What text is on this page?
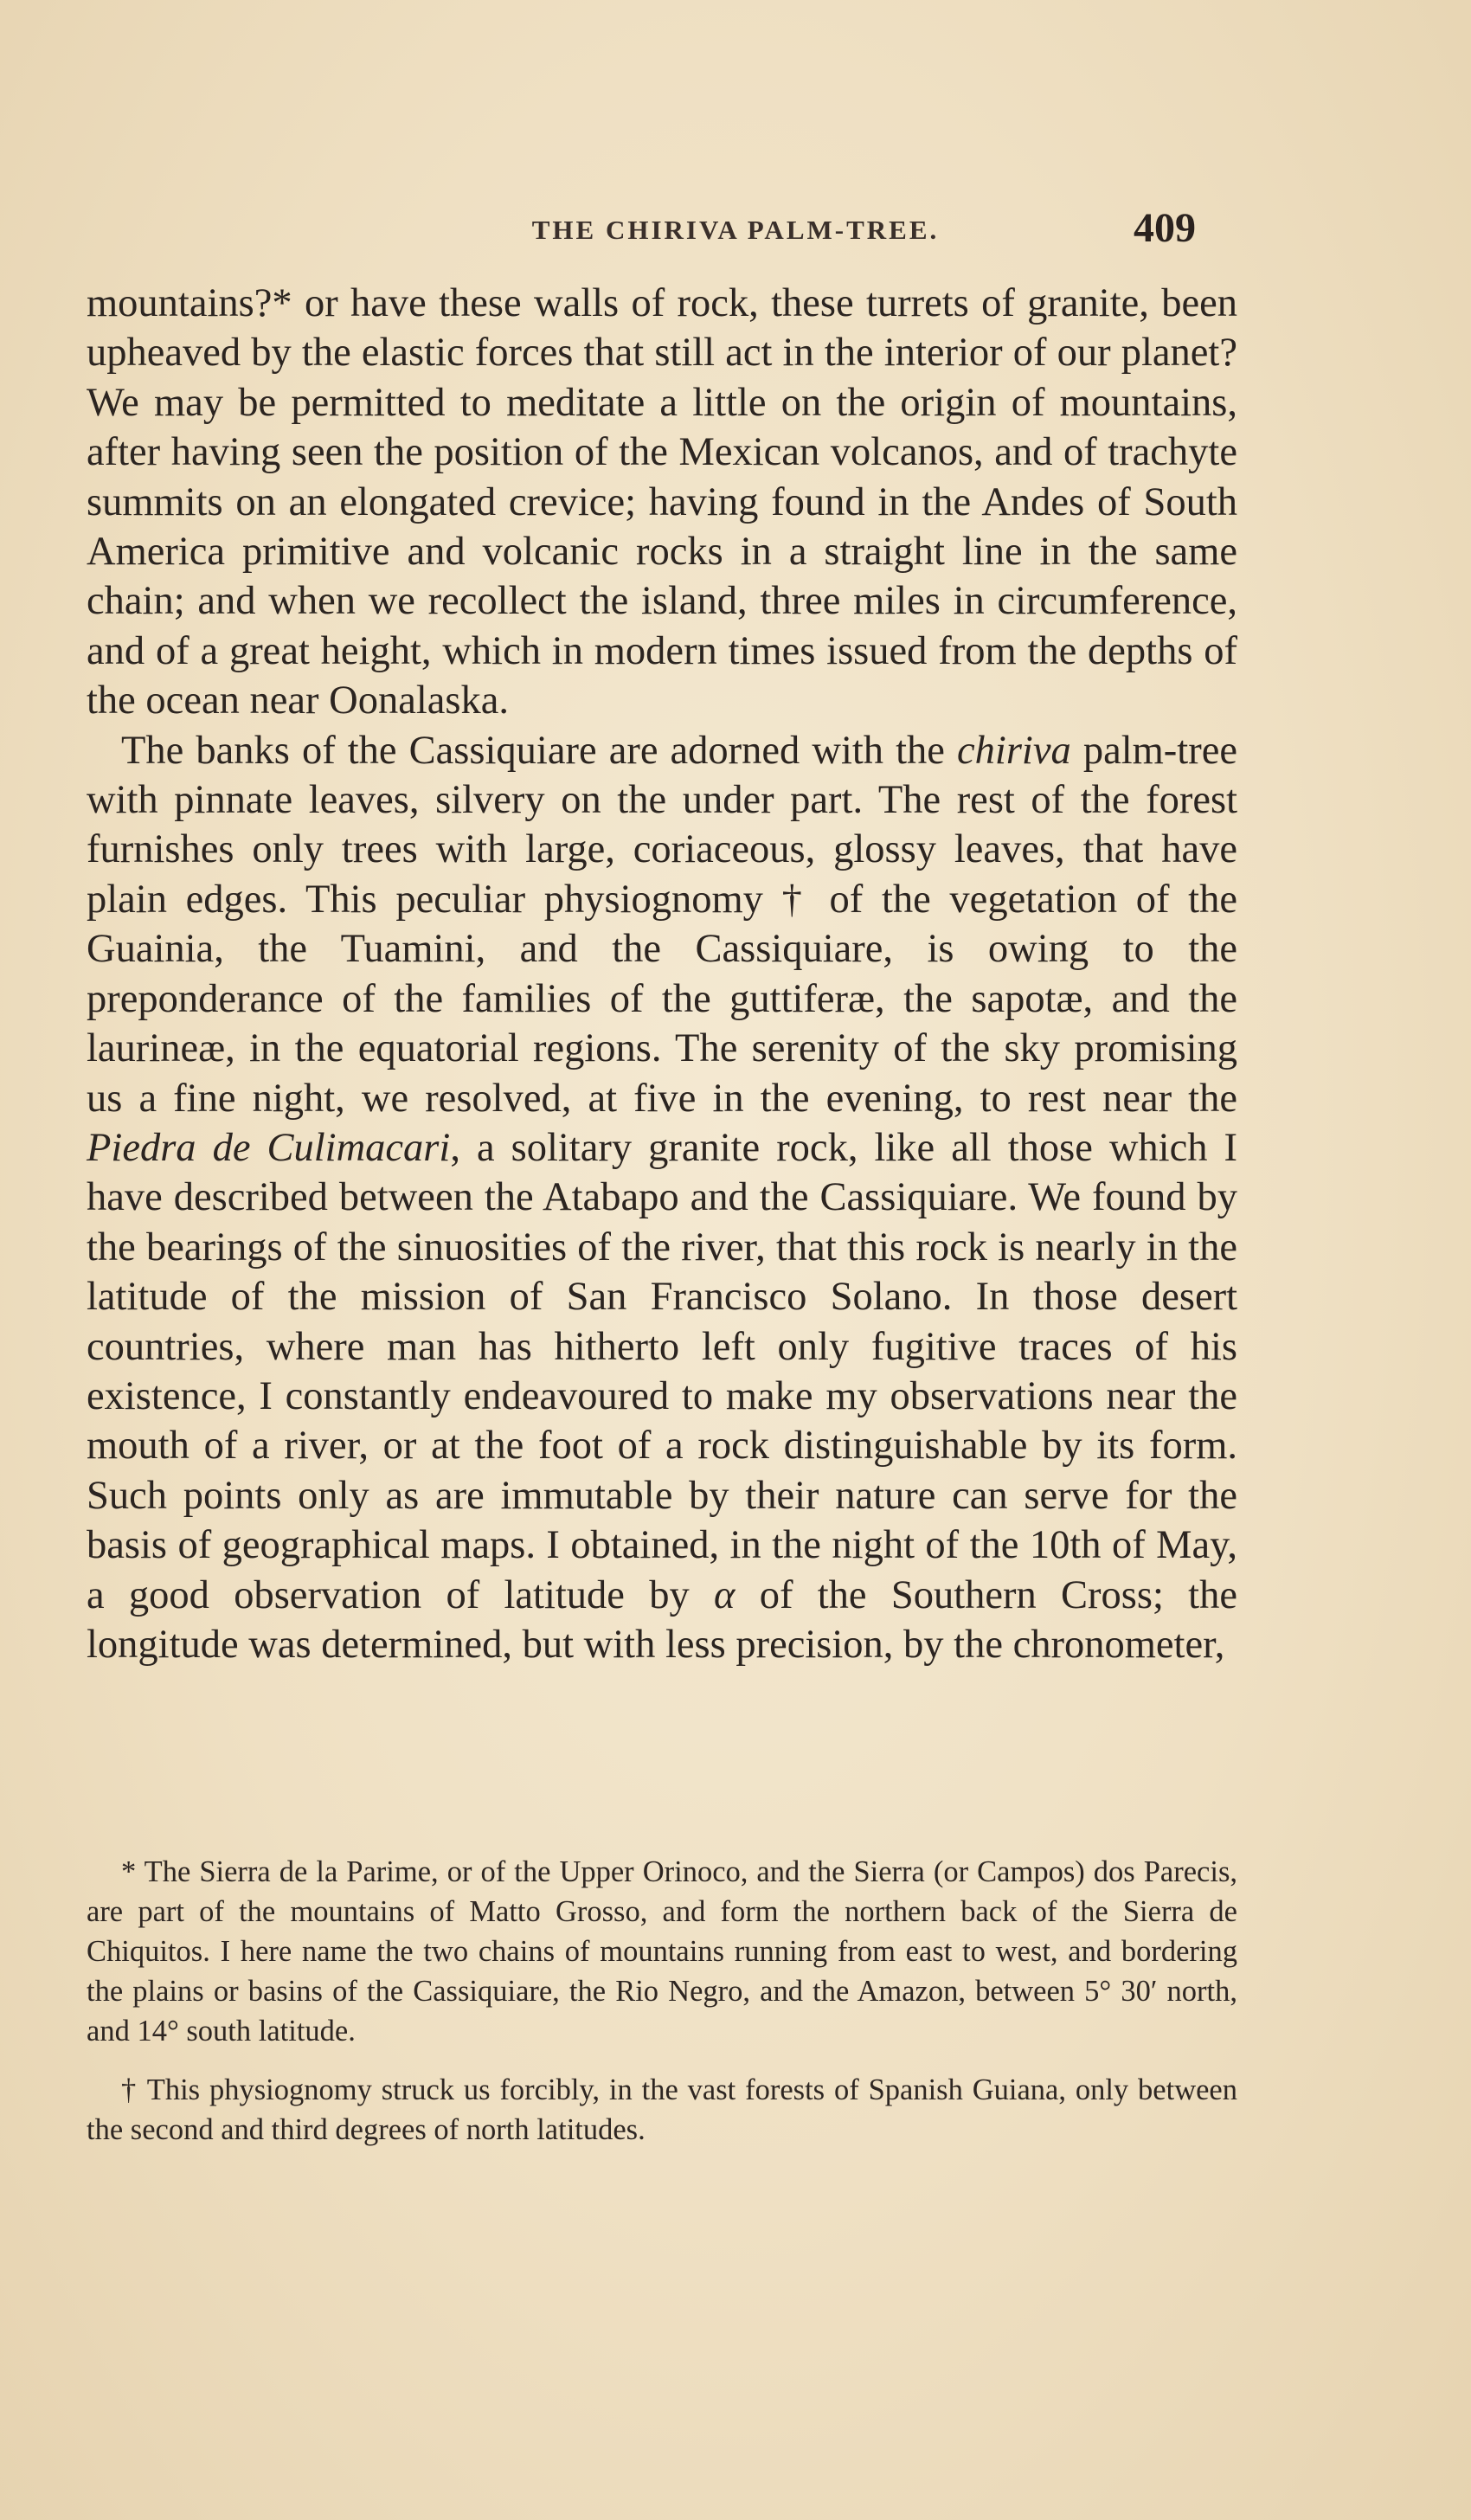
THE CHIRIVA PALM-TREE.	409

mountains?* or have these walls of rock, these turrets of granite, been upheaved by the elastic forces that still act in the interior of our planet? We may be permitted to meditate a little on the origin of mountains, after having seen the position of the Mexican volcanos, and of trachyte summits on an elongated crevice; having found in the Andes of South America primitive and volcanic rocks in a straight line in the same chain; and when we recollect the island, three miles in circumference, and of a great height, which in modern times issued from the depths of the ocean near Oonalaska.

The banks of the Cassiquiare are adorned with the chiriva palm-tree with pinnate leaves, silvery on the under part. The rest of the forest furnishes only trees with large, coriaceous, glossy leaves, that have plain edges. This peculiar physiognomy † of the vegetation of the Guainia, the Tuamini, and the Cassiquiare, is owing to the preponderance of the families of the guttiferæ, the sapotæ, and the laurineæ, in the equatorial regions. The serenity of the sky promising us a fine night, we resolved, at five in the evening, to rest near the Piedra de Culimacari, a solitary granite rock, like all those which I have described between the Atabapo and the Cassiquiare. We found by the bearings of the sinuosities of the river, that this rock is nearly in the latitude of the mission of San Francisco Solano. In those desert countries, where man has hitherto left only fugitive traces of his existence, I constantly endeavoured to make my observations near the mouth of a river, or at the foot of a rock distinguishable by its form. Such points only as are immutable by their nature can serve for the basis of geographical maps. I obtained, in the night of the 10th of May, a good observation of latitude by α of the Southern Cross; the longitude was determined, but with less precision, by the chronometer,

* The Sierra de la Parime, or of the Upper Orinoco, and the Sierra (or Campos) dos Parecis, are part of the mountains of Matto Grosso, and form the northern back of the Sierra de Chiquitos. I here name the two chains of mountains running from east to west, and bordering the plains or basins of the Cassiquiare, the Rio Negro, and the Amazon, between 5° 30′ north, and 14° south latitude.

† This physiognomy struck us forcibly, in the vast forests of Spanish Guiana, only between the second and third degrees of north latitudes.
